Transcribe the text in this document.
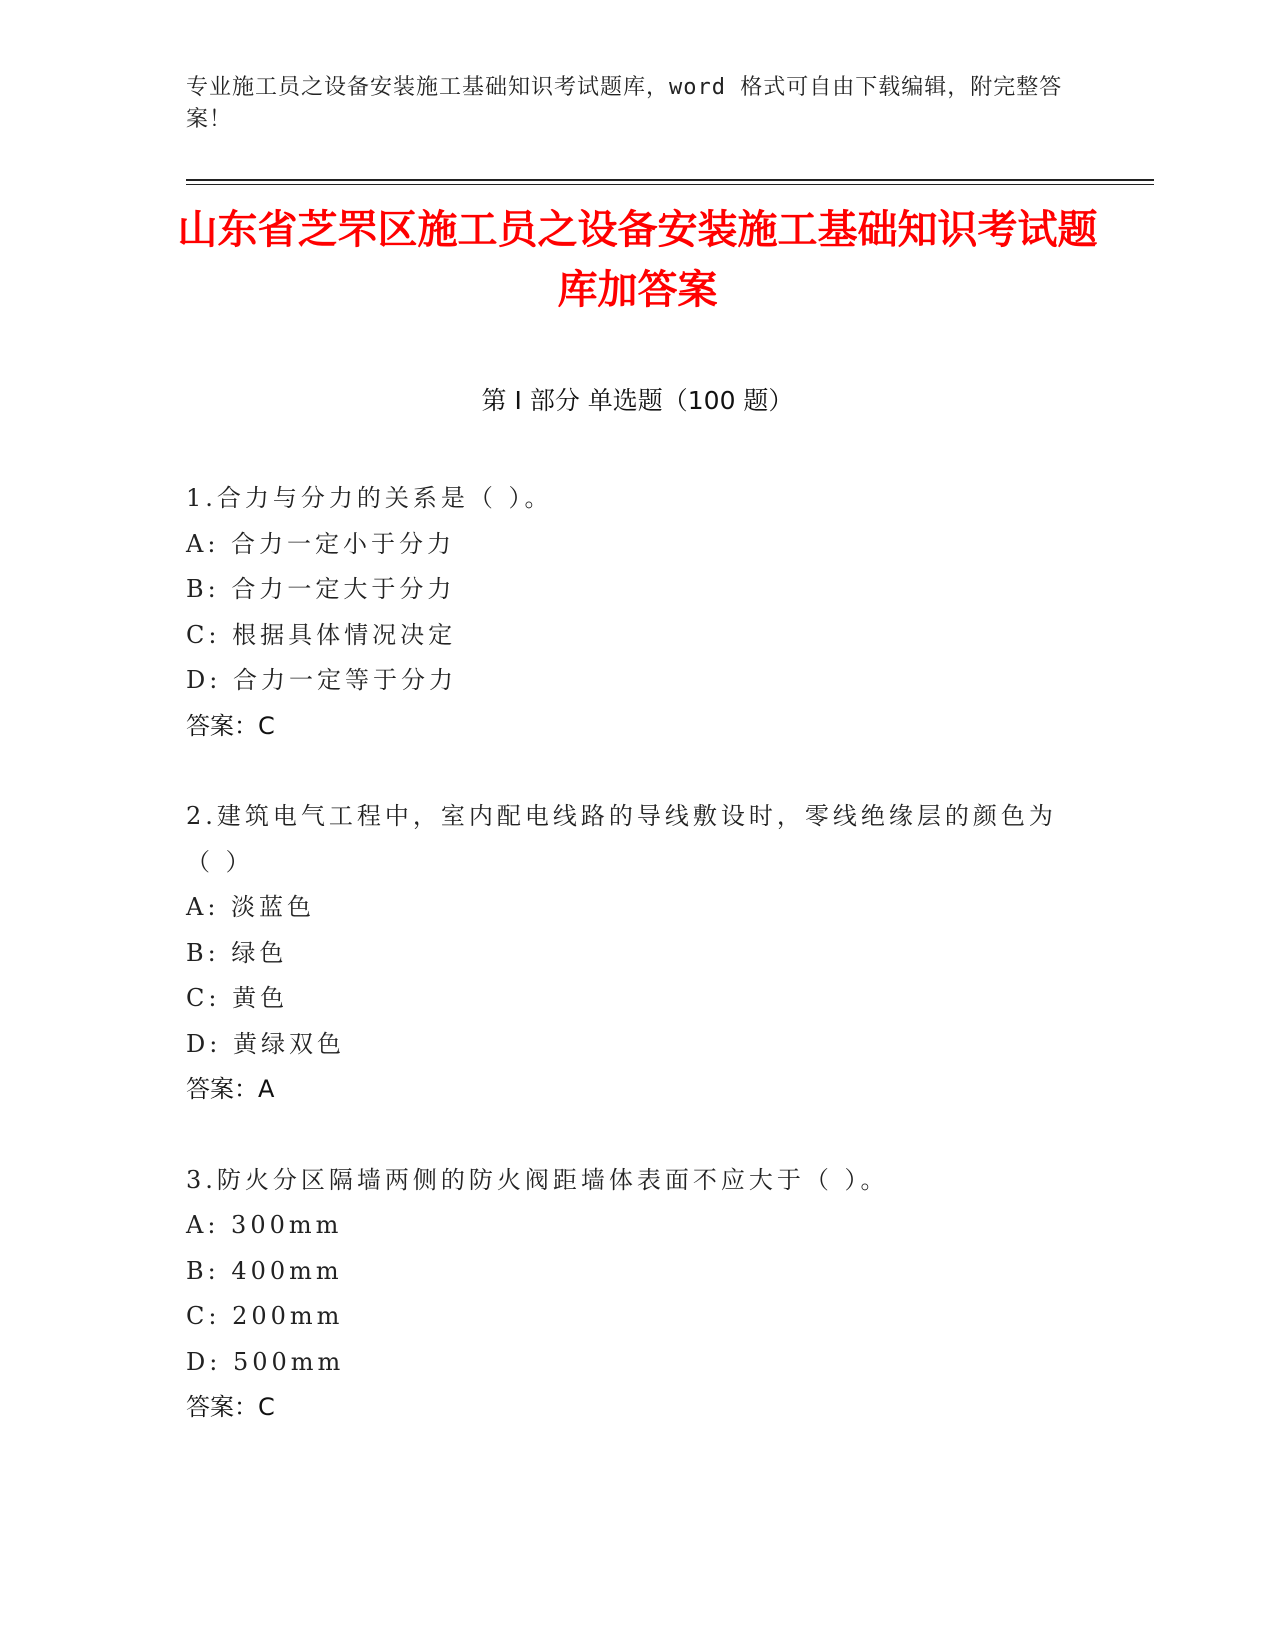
专业施工员之设备安装施工基础知识考试题库，word 格式可自由下载编辑，附完整答案！
山东省芝罘区施工员之设备安装施工基础知识考试题库加答案
第 I 部分 单选题（100 题）
1.合力与分力的关系是（ ）。
A: 合力一定小于分力
B: 合力一定大于分力
C: 根据具体情况决定
D: 合力一定等于分力
答案：C
2.建筑电气工程中，室内配电线路的导线敷设时，零线绝缘层的颜色为（ ）
A: 淡蓝色
B: 绿色
C: 黄色
D: 黄绿双色
答案：A
3.防火分区隔墙两侧的防火阀距墙体表面不应大于（ ）。
A: 300mm
B: 400mm
C: 200mm
D: 500mm
答案：C
